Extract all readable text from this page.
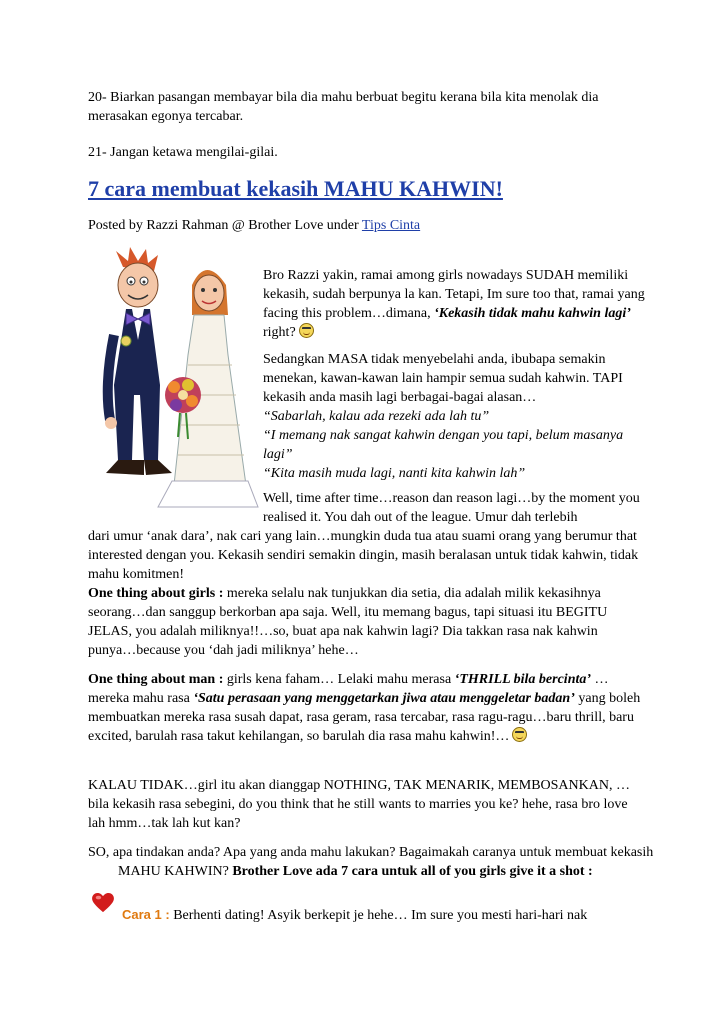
20- Biarkan pasangan membayar bila dia mahu berbuat begitu kerana bila kita menolak dia merasakan egonya tercabar.

21- Jangan ketawa mengilai-gilai.

7 cara membuat kekasih MAHU KAHWIN!

Posted by Razzi Rahman @ Brother Love under Tips Cinta

Bro Razzi yakin, ramai among girls nowadays SUDAH memiliki kekasih, sudah berpunya la kan. Tetapi, Im sure too that, ramai yang facing this problem…dimana, ‘Kekasih tidak mahu kahwin lagi’ right?
Sedangkan MASA tidak menyebelahi anda, ibubapa semakin menekan, kawan-kawan lain hampir semua sudah kahwin. TAPI kekasih anda masih lagi berbagai-bagai alasan…
“Sabarlah, kalau ada rezeki ada lah tu”
“I memang nak sangat kahwin dengan you tapi, belum masanya lagi”
“Kita masih muda lagi, nanti kita kahwin lah”
Well, time after time…reason dan reason lagi…by the moment you realised it. You dah out of the league. Umur dah terlebih
dari umur ‘anak dara’, nak cari yang lain…mungkin duda tua atau suami orang yang berumur that interested dengan you. Kekasih sendiri semakin dingin, masih beralasan untuk tidak kahwin, tidak mahu komitmen!

One thing about girls : mereka selalu nak tunjukkan dia setia, dia adalah milik kekasihnya seorang…dan sanggup berkorban apa saja. Well, itu memang bagus, tapi situasi itu BEGITU JELAS, you adalah miliknya!!…so, buat apa nak kahwin lagi? Dia takkan rasa nak kahwin punya…because you ‘dah jadi miliknya’ hehe…

One thing about man : girls kena faham… Lelaki mahu merasa ‘THRILL bila bercinta’ …mereka mahu rasa ‘Satu perasaan yang menggetarkan jiwa atau menggeletar badan’ yang boleh membuatkan mereka rasa susah dapat, rasa geram, rasa tercabar, rasa ragu-ragu…baru thrill, baru excited, barulah rasa takut kehilangan, so barulah dia rasa mahu kahwin!…

KALAU TIDAK…girl itu akan dianggap NOTHING, TAK MENARIK, MEMBOSANKAN, …bila kekasih rasa sebegini, do you think that he still wants to marries you ke? hehe, rasa bro love lah hmm…tak lah kut kan?

SO, apa tindakan anda? Apa yang anda mahu lakukan? Bagaimakah caranya untuk membuat kekasih MAHU KAHWIN? Brother Love ada 7 cara untuk all of you girls give it a shot :

Cara 1 : Berhenti dating! Asyik berkepit je hehe… Im sure you mesti hari-hari nak
